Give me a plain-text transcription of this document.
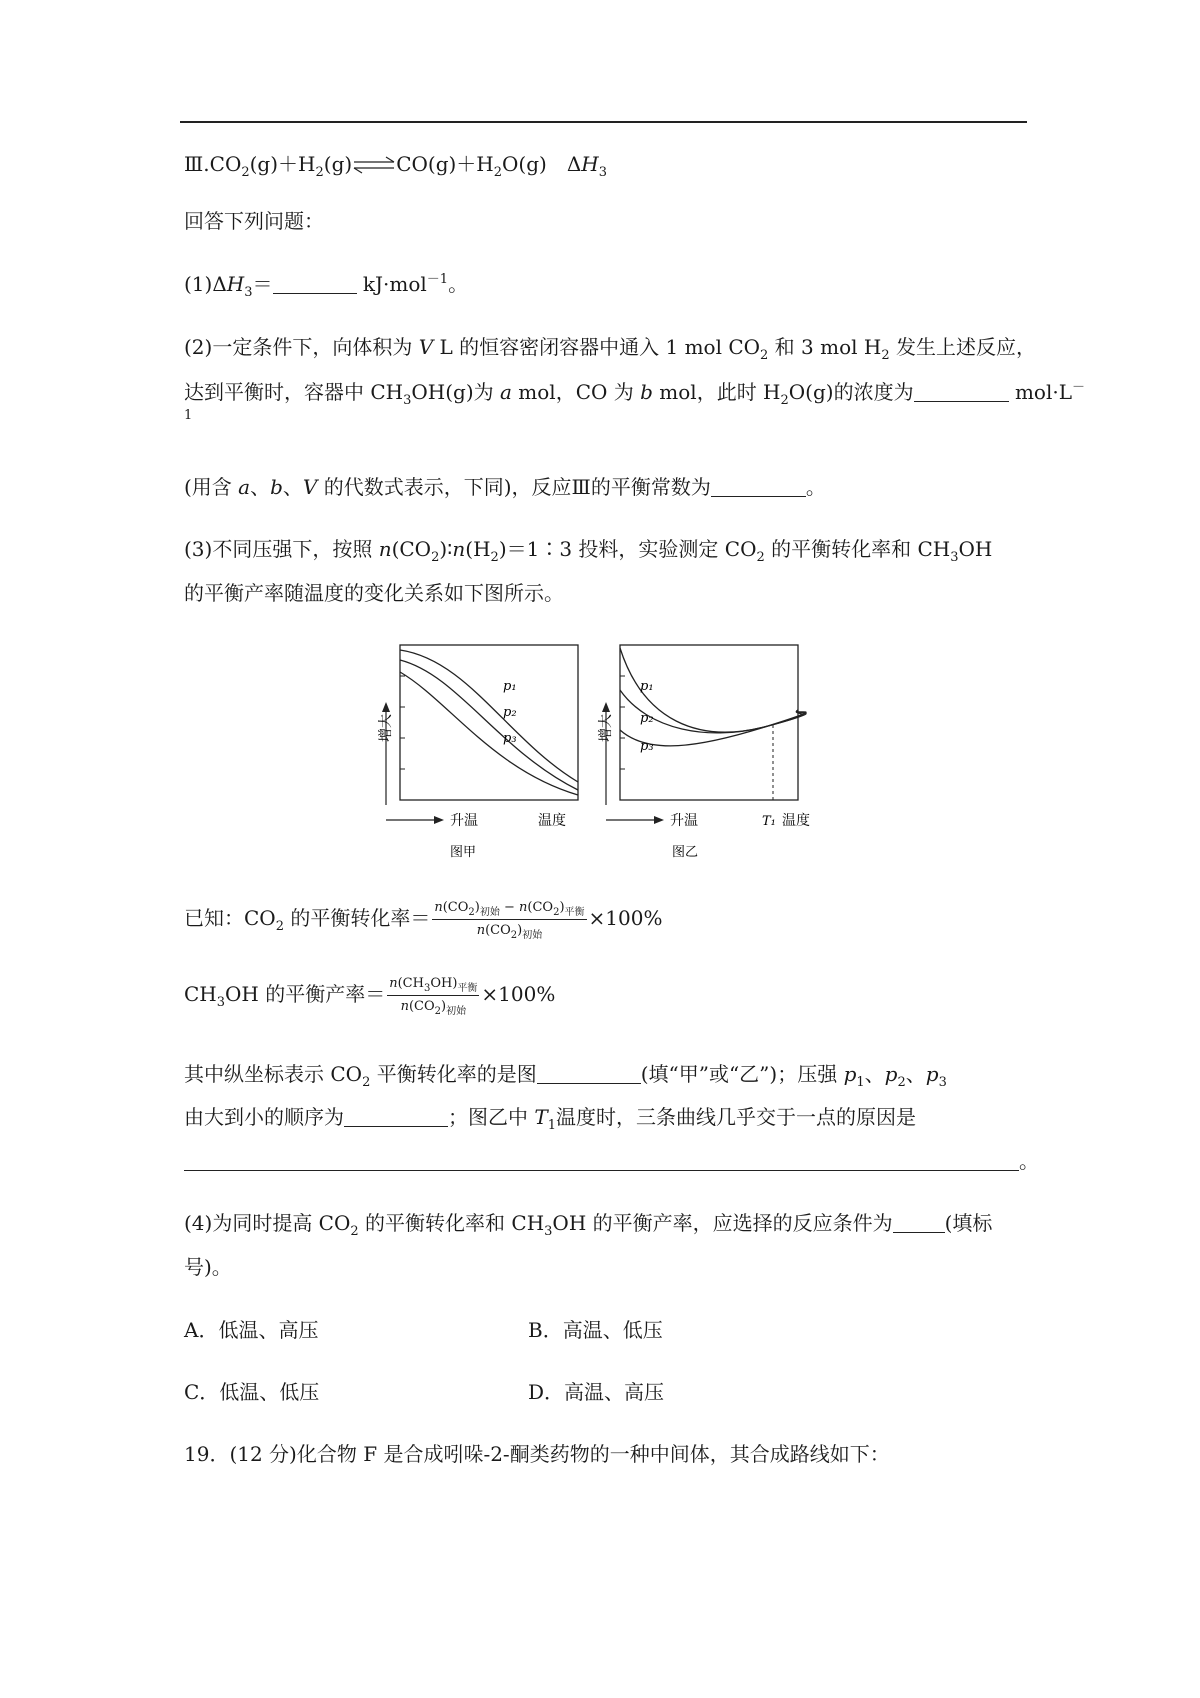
$Ⅲ.CO_2(g)+H_2(g)\rightleftharpoons CO(g)+H_2O(g)$　$\Delta H_3$
回答下列问题：
$(1)\Delta H_3=$	kJ·mol$^{-1}$。
(2)一定条件下，向体积为 V L 的恒容密闭容器中通入 1 mol $CO_2$ 和 3 mol $H_2$ 发生上述反应，
达到平衡时，容器中 $CH_3OH(g)$为 a mol，CO 为 b mol，此时 $H_2O(g)$的浓度为	mol·L－
1
(用含 a、b、V 的代数式表示，下同)，反应Ⅲ的平衡常数为	。
(3)不同压强下，按照 $n(CO_2)∶n(H_2)=1∶3$ 投料，实验测定 $CO_2$ 的平衡转化率和 $CH_3OH$
的平衡产率随温度的变化关系如下图所示。
p₁
p₂
p₃
增大
升温	温度
图甲
p₁
p₂
p₃
增大
升温	T₁ 温度
图乙
已知：$CO_2$ 的平衡转化率＝ $\frac{n(CO_2)_{初始} - n(CO_2)_{平衡}}{n(CO_2)_{初始}} \times 100\%$
$CH_3OH$ 的平衡产率＝ $\frac{n(CH_3OH)_{平衡}}{n(CO_2)_{初始}} \times 100\%$
其中纵坐标表示 $CO_2$ 平衡转化率的是图	(填“甲”或“乙”)；压强 $p_1$、$p_2$、$p_3$
由大到小的顺序为	；图乙中 $T_1$温度时，三条曲线几乎交于一点的原因是
。
(4)为同时提高 $CO_2$ 的平衡转化率和 $CH_3OH$ 的平衡产率，应选择的反应条件为	(填标
号)。
A．低温、高压	B．高温、低压
C．低温、低压	D．高温、高压
19．(12 分)化合物 F 是合成吲哚-2-酮类药物的一种中间体，其合成路线如下：
